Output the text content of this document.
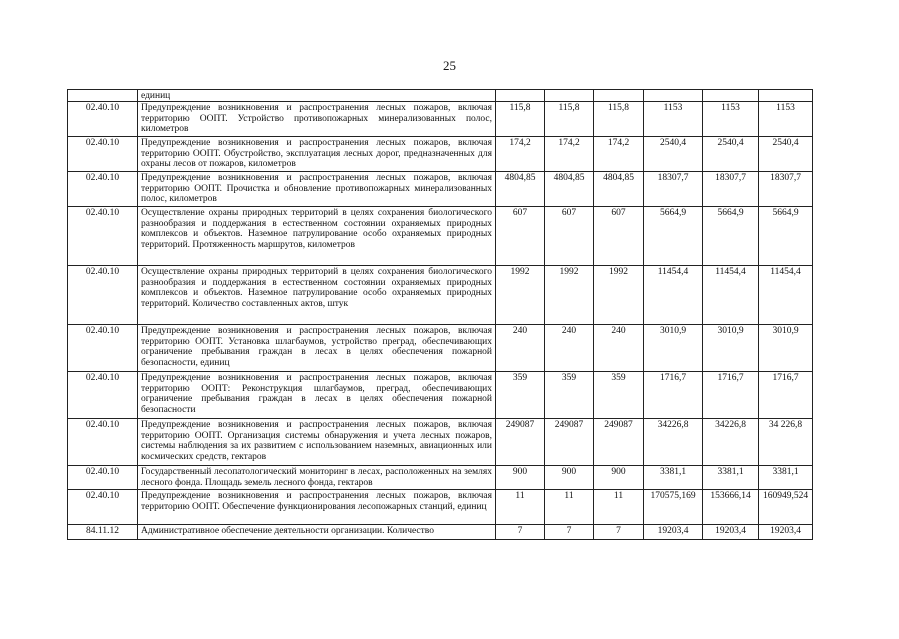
25
	единиц						
02.40.10	Предупреждение возникновения и распространения лесных пожаров, включая территорию ООПТ. Устройство противопожарных минерализованных полос, километров	115,8	115,8	115,8	1153	1153	1153
02.40.10	Предупреждение возникновения и распространения лесных пожаров, включая территорию ООПТ. Обустройство, эксплуатация лесных дорог, предназначенных для охраны лесов от пожаров, километров	174,2	174,2	174,2	2540,4	2540,4	2540,4
02.40.10	Предупреждение возникновения и распространения лесных пожаров, включая территорию ООПТ. Прочистка и обновление противопожарных минерализованных полос, километров	4804,85	4804,85	4804,85	18307,7	18307,7	18307,7
02.40.10	Осуществление охраны природных территорий в целях сохранения биологического разнообразия и поддержания в естественном состоянии охраняемых природных комплексов и объектов. Наземное патрулирование особо охраняемых природных территорий. Протяженность маршрутов, километров	607	607	607	5664,9	5664,9	5664,9
02.40.10	Осуществление охраны природных территорий в целях сохранения биологического разнообразия и поддержания в естественном состоянии охраняемых природных комплексов и объектов. Наземное патрулирование особо охраняемых природных территорий. Количество составленных актов, штук	1992	1992	1992	11454,4	11454,4	11454,4
02.40.10	Предупреждение возникновения и распространения лесных пожаров, включая территорию ООПТ. Установка шлагбаумов, устройство преград, обеспечивающих ограничение пребывания граждан в лесах в целях обеспечения пожарной безопасности, единиц	240	240	240	3010,9	3010,9	3010,9
02.40.10	Предупреждение возникновения и распространения лесных пожаров, включая территорию ООПТ: Реконструкция шлагбаумов, преград, обеспечивающих ограничение пребывания граждан в лесах в целях обеспечения пожарной безопасности	359	359	359	1716,7	1716,7	1716,7
02.40.10	Предупреждение возникновения и распространения лесных пожаров, включая территорию ООПТ. Организация системы обнаружения и учета лесных пожаров, системы наблюдения за их развитием с использованием наземных, авиационных или космических средств, гектаров	249087	249087	249087	34226,8	34226,8	34 226,8
02.40.10	Государственный лесопатологический мониторинг в лесах, расположенных на землях лесного фонда. Площадь земель лесного фонда, гектаров	900	900	900	3381,1	3381,1	3381,1
02.40.10	Предупреждение возникновения и распространения лесных пожаров, включая территорию ООПТ. Обеспечение функционирования лесопожарных станций, единиц	11	11	11	170575,169	153666,14	160949,524
84.11.12	Административное обеспечение деятельности организации. Количество	7	7	7	19203,4	19203,4	19203,4
